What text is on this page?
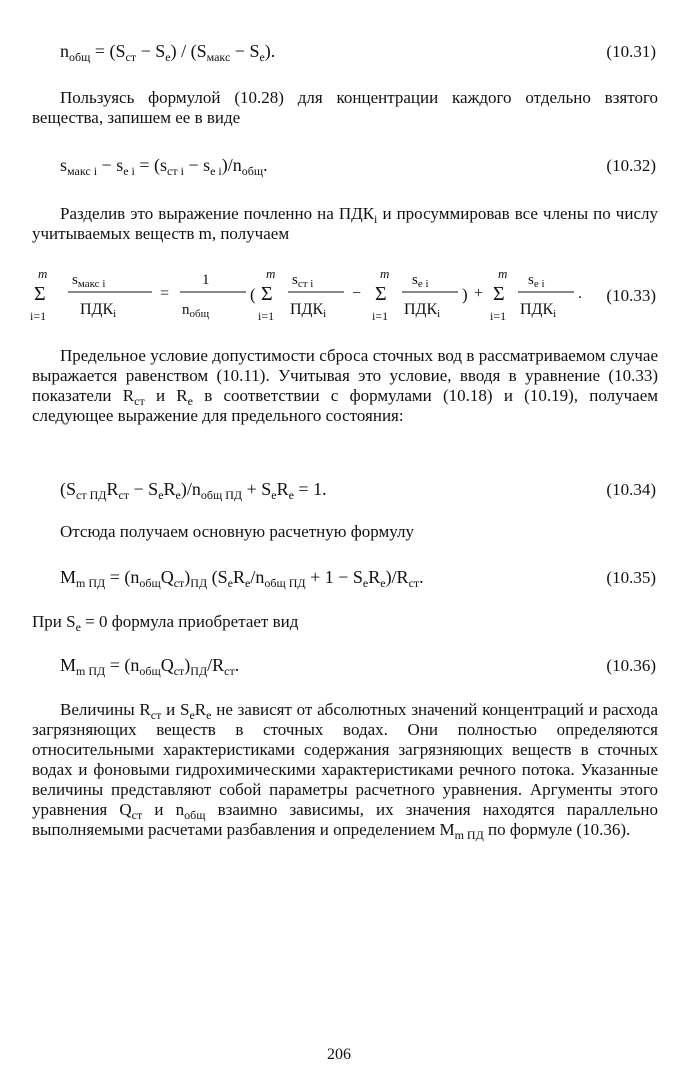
$n_{общ} = (S_{ст} - S_e) / (S_{макс} - S_e)$.	(10.31)
Пользуясь формулой (10.28) для концентрации каждого отдельно взятого вещества, запишем ее в виде
$s_{макс i} - s_{e i} = (s_{ст i} - s_{e i})/n_{общ}$.	(10.32)
Разделив это выражение почленно на $ПДК_i$ и просуммировав все члены по числу учитываемых веществ m, получаем
m
Σ
i=1
$s_{макс i}$
ПДКi
=
1
$n_{общ}$
(
m
Σ
i=1
$s_{ст i}$
ПДКi
−
m
Σ
i=1
$s_{e i}$
ПДКi
) +
m
Σ
i=1
$s_{e i}$
ПДКi
. (10.33)
Предельное условие допустимости сброса сточных вод в рассматриваемом случае выражается равенством (10.11). Учитывая это условие, вводя в уравнение (10.33) показатели $R_{ст}$ и $R_e$ в соответствии с формулами (10.18) и (10.19), получаем следующее выражение для предельного состояния:
$(S_{ст ПД}R_{ст} - S_eR_e)/n_{общ ПД} + S_eR_e = 1$.	(10.34)
Отсюда получаем основную расчетную формулу
$M_{m ПД} = (n_{общ}Q_{ст})_{ПД}$ $(S_eR_e/n_{общ ПД} + 1 - S_eR_e)/R_{ст}$.	(10.35)
При $S_e = 0$ формула приобретает вид
$M_{m ПД} = (n_{общ}Q_{ст})_{ПД}/R_{ст}$.	(10.36)
Величины $R_{ст}$ и $S_eR_e$ не зависят от абсолютных значений концентраций и расхода загрязняющих веществ в сточных водах. Они полностью определяются относительными характеристиками содержания загрязняющих веществ в сточных водах и фоновыми гидрохимическими характеристиками речного потока. Указанные величины представляют собой параметры расчетного уравнения. Аргументы этого уравнения $Q_{ст}$ и $n_{общ}$ взаимно зависимы, их значения находятся параллельно выполняемыми расчетами разбавления и определением $M_{m ПД}$ по формуле (10.36).
206
